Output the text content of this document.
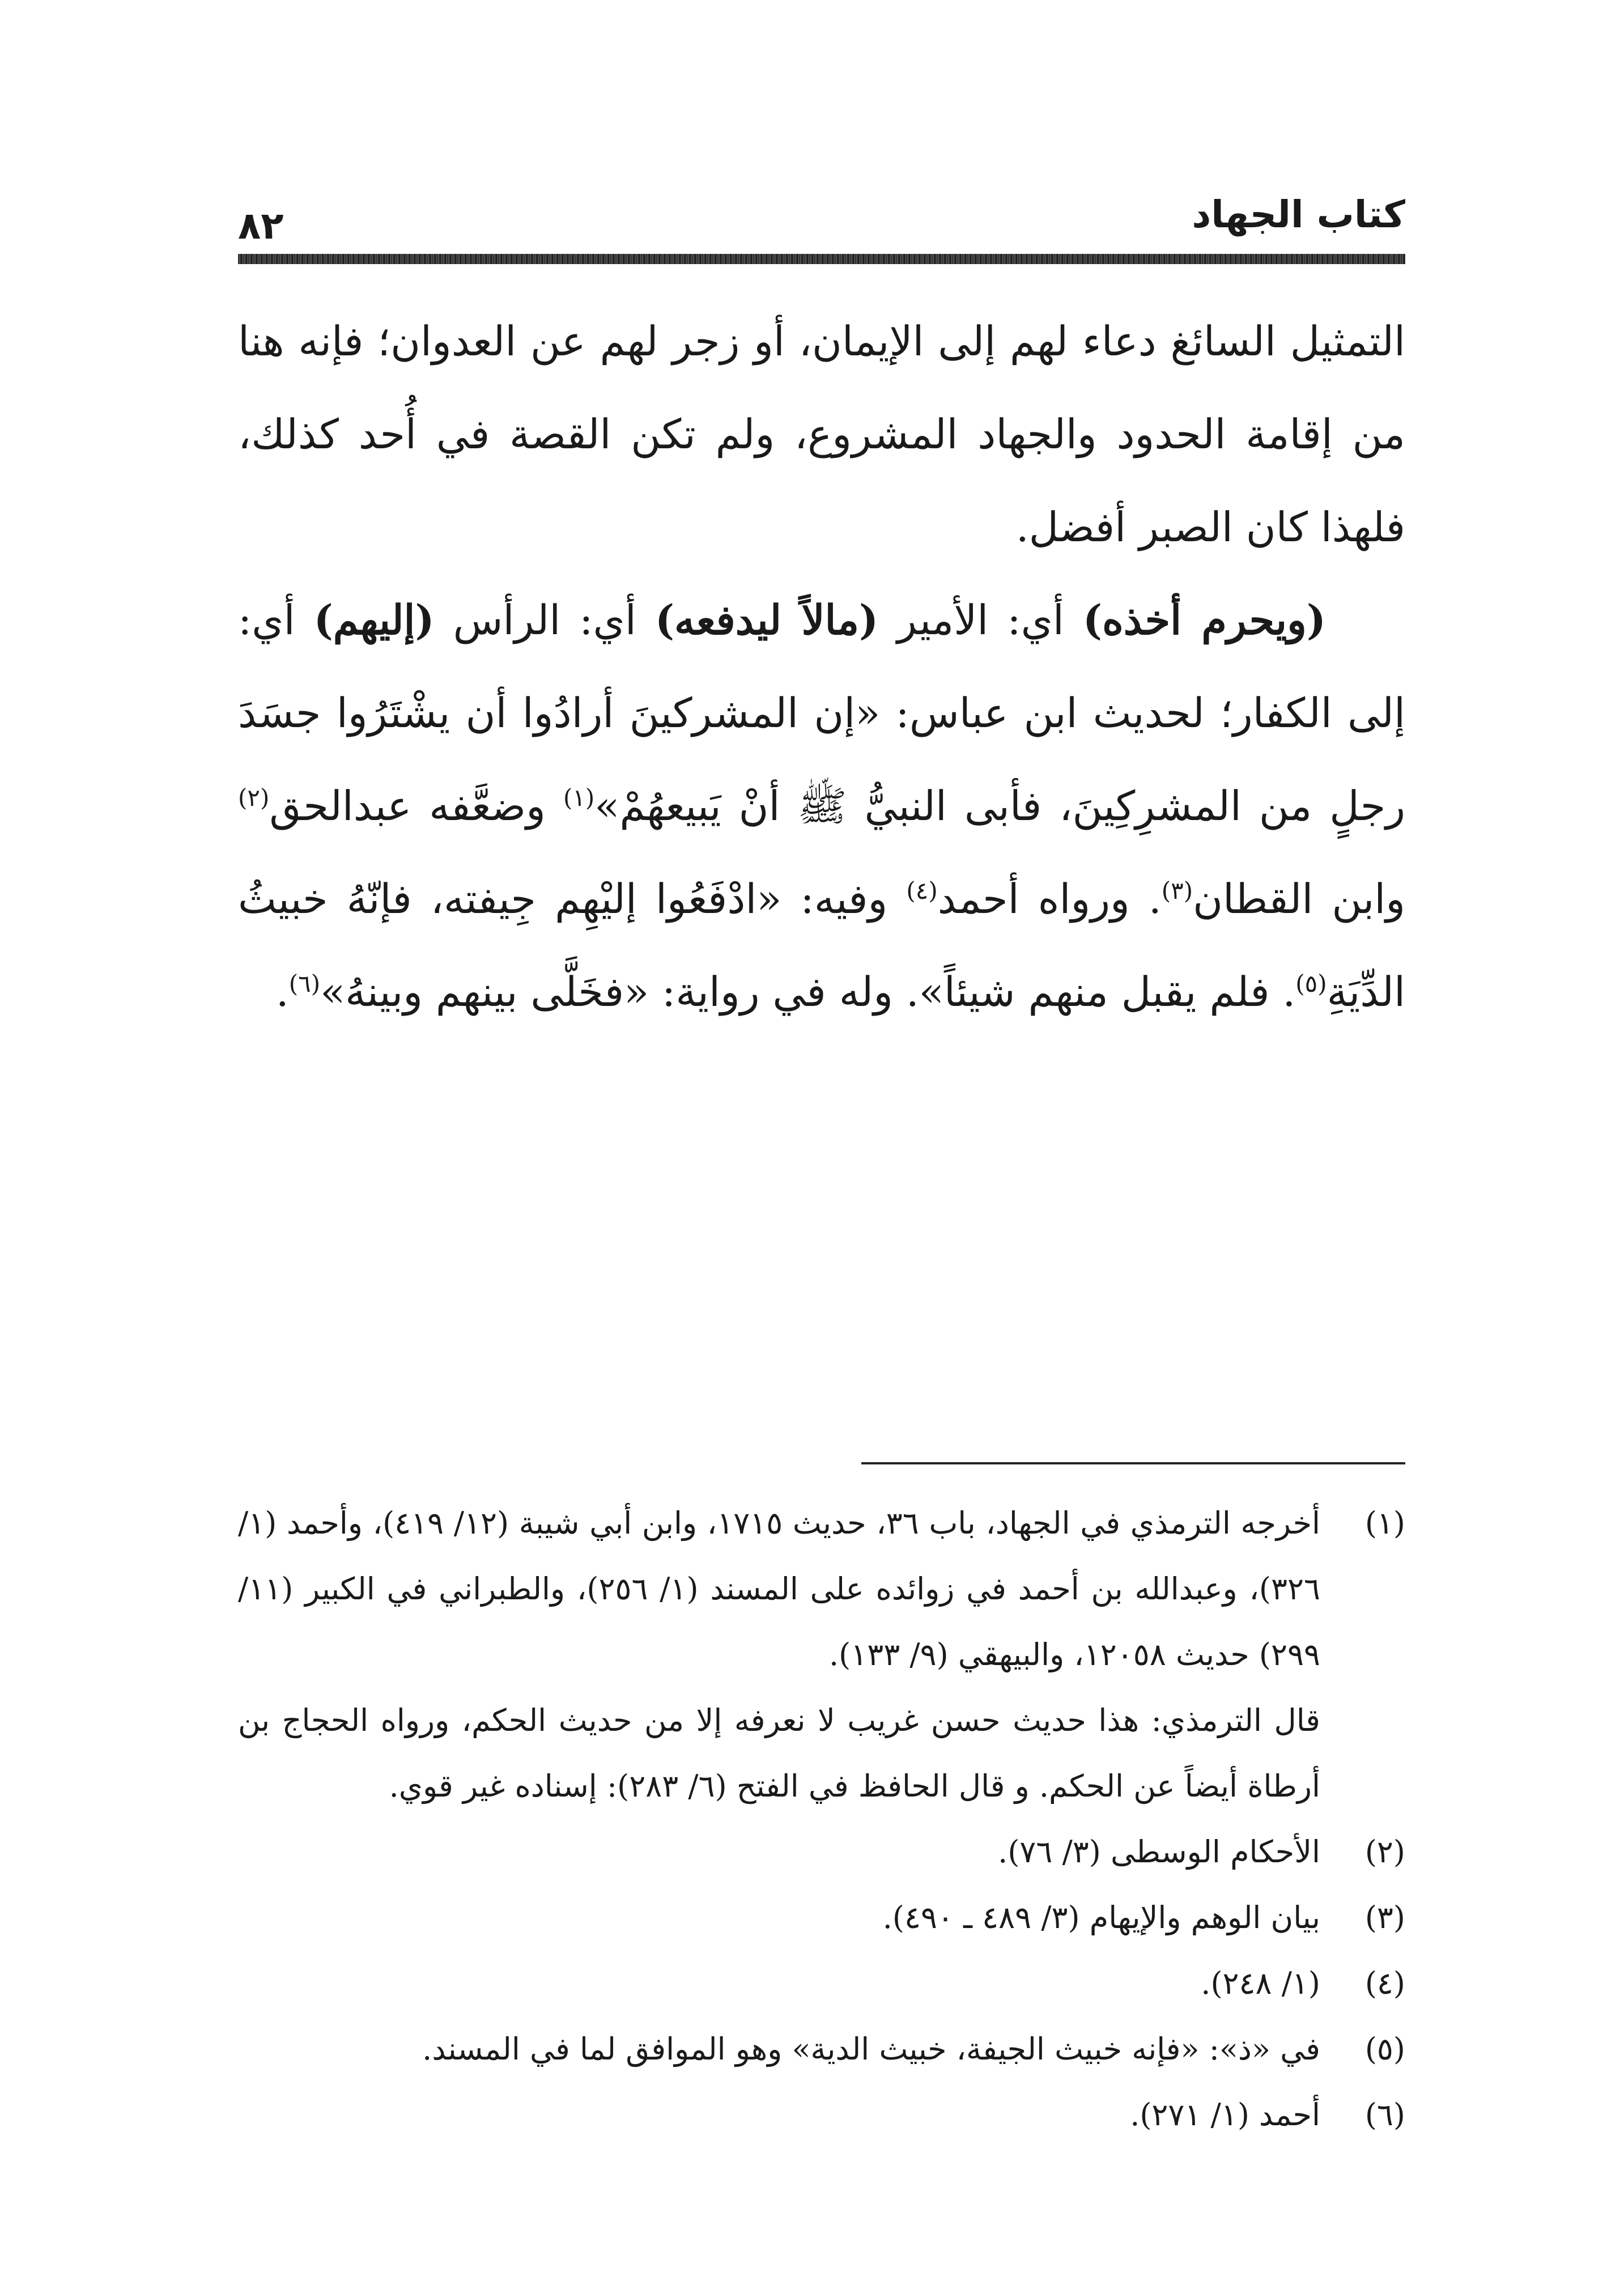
كتاب الجهاد
٨٢

التمثيل السائغ دعاء لهم إلى الإيمان، أو زجر لهم عن العدوان؛ فإنه هنا من إقامة الحدود والجهاد المشروع، ولم تكن القصة في أُحد كذلك، فلهذا كان الصبر أفضل.

(ويحرم أخذه) أي: الأمير (مالاً ليدفعه) أي: الرأس (إليهم) أي: إلى الكفار؛ لحديث ابن عباس: «إن المشركينَ أرادُوا أن يشْتَرُوا جسَدَ رجلٍ من المشرِكِينَ، فأبى النبيُّ ﷺ أنْ يَبيعهُمْ»$^{(١)}$ وضعَّفه عبدالحق$^{(٢)}$ وابن القطان$^{(٣)}$. ورواه أحمد$^{(٤)}$ وفيه: «ادْفَعُوا إليْهِم جِيفته، فإنّهُ خبيثُ الدِّيَةِ$^{(٥)}$. فلم يقبل منهم شيئاً». وله في رواية: «فخَلَّى بينهم وبينهُ»$^{(٦)}$.

(١)
أخرجه الترمذي في الجهاد، باب ٣٦، حديث ١٧١٥، وابن أبي شيبة (١٢/ ٤١٩)، وأحمد (١/ ٣٢٦)، وعبدالله بن أحمد في زوائده على المسند (١/ ٢٥٦)، والطبراني في الكبير (١١/ ٢٩٩) حديث ١٢٠٥٨، والبيهقي (٩/ ١٣٣).
قال الترمذي: هذا حديث حسن غريب لا نعرفه إلا من حديث الحكم، ورواه الحجاج بن أرطاة أيضاً عن الحكم. و قال الحافظ في الفتح (٦/ ٢٨٣): إسناده غير قوي.
(٢)
الأحكام الوسطى (٣/ ٧٦).
(٣)
بيان الوهم والإيهام (٣/ ٤٨٩ ـ ٤٩٠).
(٤)
(١/ ٢٤٨).
(٥)
في «ذ»: «فإنه خبيث الجيفة، خبيث الدية» وهو الموافق لما في المسند.
(٦)
أحمد (١/ ٢٧١).
